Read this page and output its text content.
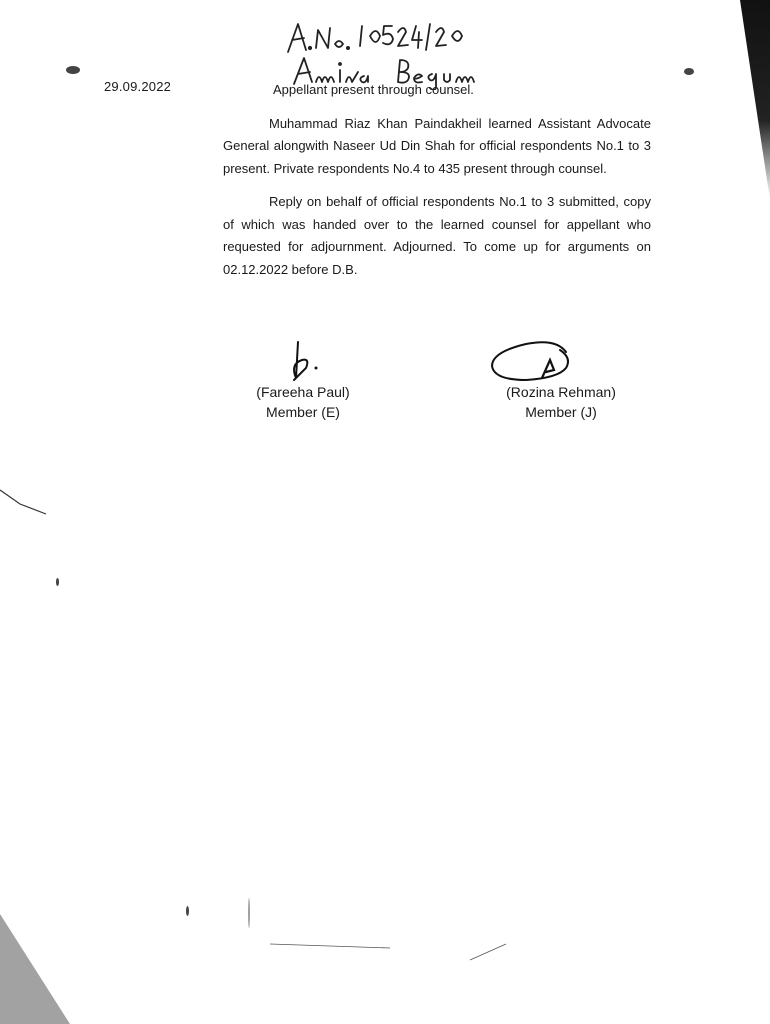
29.09.2022	Appellant present through counsel.

Muhammad Riaz Khan Paindakheil learned Assistant Advocate General alongwith Naseer Ud Din Shah for official respondents No.1 to 3 present. Private respondents No.4 to 435 present through counsel.

Reply on behalf of official respondents No.1 to 3 submitted, copy of which was handed over to the learned counsel for appellant who requested for adjournment. Adjourned. To come up for arguments on 02.12.2022 before D.B.

(Fareeha Paul)
Member (E)
(Rozina Rehman)
Member (J)
